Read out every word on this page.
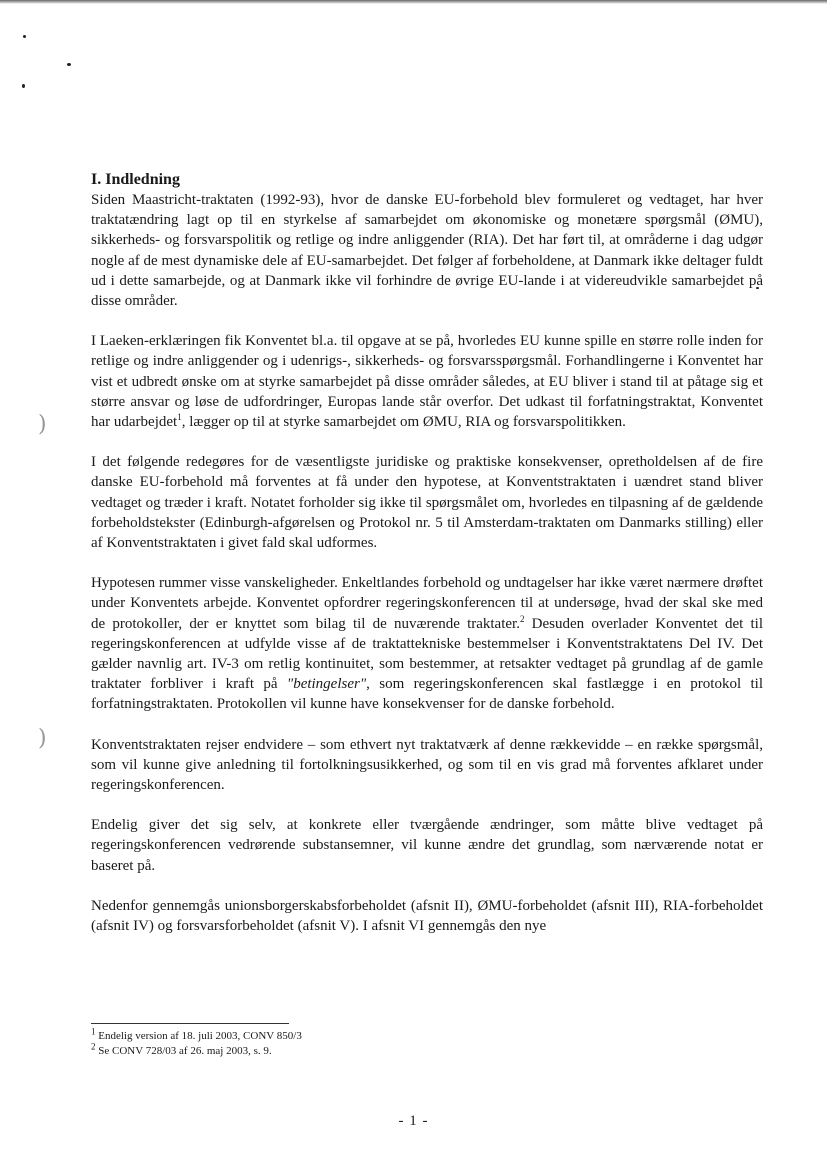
)
)

I. Indledning

Siden Maastricht-traktaten (1992-93), hvor de danske EU-forbehold blev formuleret og vedtaget, har hver traktatændring lagt op til en styrkelse af samarbejdet om økonomiske og monetære spørgsmål (ØMU), sikkerheds- og forsvarspolitik og retlige og indre anliggender (RIA). Det har ført til, at områderne i dag udgør nogle af de mest dynamiske dele af EU-samarbejdet. Det følger af forbeholdene, at Danmark ikke deltager fuldt ud i dette samarbejde, og at Danmark ikke vil forhindre de øvrige EU-lande i at videreudvikle samarbejdet på disse områder.

I Laeken-erklæringen fik Konventet bl.a. til opgave at se på, hvorledes EU kunne spille en større rolle inden for retlige og indre anliggender og i udenrigs-, sikkerheds- og forsvarsspørgsmål. Forhandlingerne i Konventet har vist et udbredt ønske om at styrke samarbejdet på disse områder således, at EU bliver i stand til at påtage sig et større ansvar og løse de udfordringer, Europas lande står overfor. Det udkast til forfatningstraktat, Konventet har udarbejdet$^1$, lægger op til at styrke samarbejdet om ØMU, RIA og forsvarspolitikken.

I det følgende redegøres for de væsentligste juridiske og praktiske konsekvenser, opretholdelsen af de fire danske EU-forbehold må forventes at få under den hypotese, at Konventstraktaten i uændret stand bliver vedtaget og træder i kraft. Notatet forholder sig ikke til spørgsmålet om, hvorledes en tilpasning af de gældende forbeholdstekster (Edinburgh-afgørelsen og Protokol nr. 5 til Amsterdam-traktaten om Danmarks stilling) eller af Konventstraktaten i givet fald skal udformes.

Hypotesen rummer visse vanskeligheder. Enkeltlandes forbehold og undtagelser har ikke været nærmere drøftet under Konventets arbejde. Konventet opfordrer regeringskonferencen til at undersøge, hvad der skal ske med de protokoller, der er knyttet som bilag til de nuværende traktater.$^2$ Desuden overlader Konventet det til regeringskonferencen at udfylde visse af de traktattekniske bestemmelser i Konventstraktatens Del IV. Det gælder navnlig art. IV-3 om retlig kontinuitet, som bestemmer, at retsakter vedtaget på grundlag af de gamle traktater forbliver i kraft på "betingelser", som regeringskonferencen skal fastlægge i en protokol til forfatningstraktaten. Protokollen vil kunne have konsekvenser for de danske forbehold.

Konventstraktaten rejser endvidere – som ethvert nyt traktatværk af denne rækkevidde – en række spørgsmål, som vil kunne give anledning til fortolkningsusikkerhed, og som til en vis grad må forventes afklaret under regeringskonferencen.

Endelig giver det sig selv, at konkrete eller tværgående ændringer, som måtte blive vedtaget på regeringskonferencen vedrørende substansemner, vil kunne ændre det grundlag, som nærværende notat er baseret på.

Nedenfor gennemgås unionsborgerskabsforbeholdet (afsnit II), ØMU-forbeholdet (afsnit III), RIA-forbeholdet (afsnit IV) og forsvarsforbeholdet (afsnit V). I afsnit VI gennemgås den nye

$^1$ Endelig version af 18. juli 2003, CONV 850/3

$^2$ Se CONV 728/03 af 26. maj 2003, s. 9.

- 1 -
